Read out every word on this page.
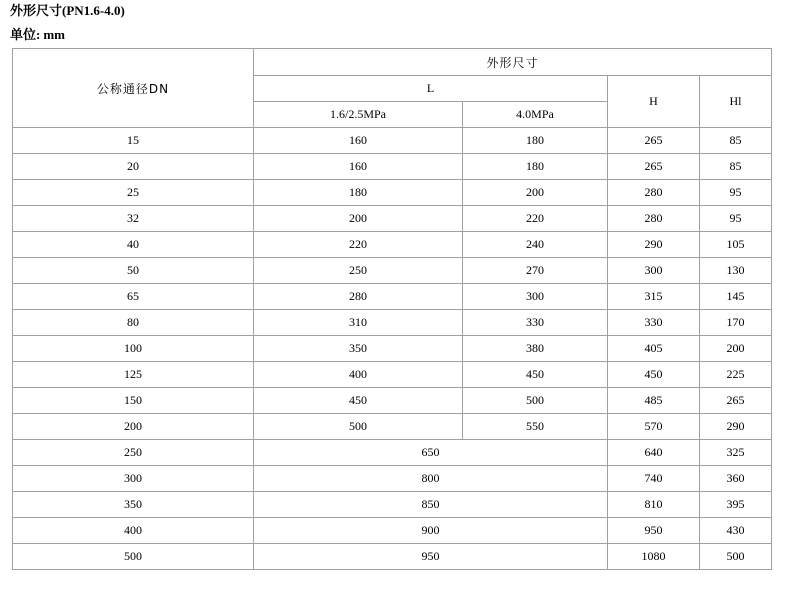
外形尺寸(PN1.6-4.0)
单位: mm
公称通径DN	外形尺寸			
	L		H	Hl
	1.6/2.5MPa	4.0MPa		
15	160	180	265	85
20	160	180	265	85
25	180	200	280	95
32	200	220	280	95
40	220	240	290	105
50	250	270	300	130
65	280	300	315	145
80	310	330	330	170
100	350	380	405	200
125	400	450	450	225
150	450	500	485	265
200	500	550	570	290
250	650		640	325
300	800		740	360
350	850		810	395
400	900		950	430
500	950		1080	500
